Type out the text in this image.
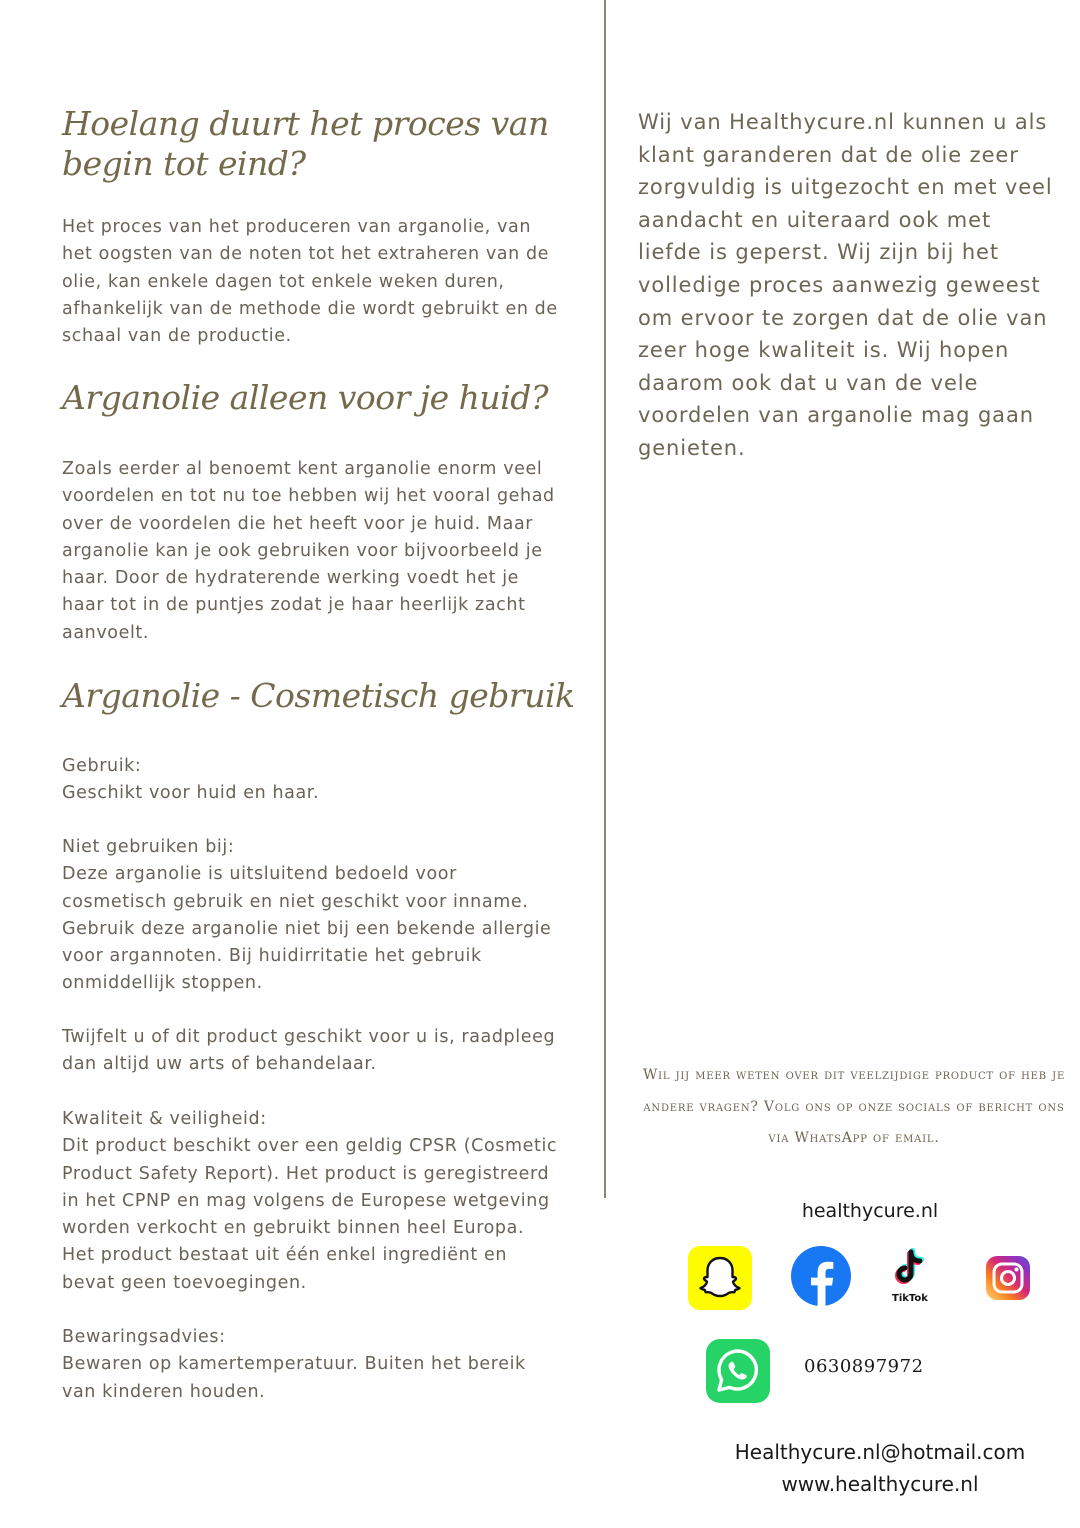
Hoelang duurt het proces van begin tot eind?

Het proces van het produceren van arganolie, van het oogsten van de noten tot het extraheren van de olie, kan enkele dagen tot enkele weken duren, afhankelijk van de methode die wordt gebruikt en de schaal van de productie.

Arganolie alleen voor je huid?

Zoals eerder al benoemt kent arganolie enorm veel voordelen en tot nu toe hebben wij het vooral gehad over de voordelen die het heeft voor je huid. Maar arganolie kan je ook gebruiken voor bijvoorbeeld je haar. Door de hydraterende werking voedt het je haar tot in de puntjes zodat je haar heerlijk zacht aanvoelt.

Arganolie - Cosmetisch gebruik

Gebruik:
Geschikt voor huid en haar.

Niet gebruiken bij:
Deze arganolie is uitsluitend bedoeld voor cosmetisch gebruik en niet geschikt voor inname. Gebruik deze arganolie niet bij een bekende allergie voor argannoten. Bij huidirritatie het gebruik onmiddellijk stoppen.

Twijfelt u of dit product geschikt voor u is, raadpleeg dan altijd uw arts of behandelaar.

Kwaliteit & veiligheid:
Dit product beschikt over een geldig CPSR (Cosmetic Product Safety Report). Het product is geregistreerd in het CPNP en mag volgens de Europese wetgeving worden verkocht en gebruikt binnen heel Europa. Het product bestaat uit één enkel ingrediënt en bevat geen toevoegingen.

Bewaringsadvies:
Bewaren op kamertemperatuur. Buiten het bereik van kinderen houden.

Wij van Healthycure.nl kunnen u als klant garanderen dat de olie zeer zorgvuldig is uitgezocht en met veel aandacht en uiteraard ook met liefde is geperst. Wij zijn bij het volledige proces aanwezig geweest om ervoor te zorgen dat de olie van zeer hoge kwaliteit is. Wij hopen daarom ook dat u van de vele voordelen van arganolie mag gaan genieten.

Wil jij meer weten over dit veelzijdige product of heb je andere vragen? Volg ons op onze socials of bericht ons via WhatsApp of email.

healthycure.nl
TikTok
0630897972
Healthycure.nl@hotmail.com
www.healthycure.nl
